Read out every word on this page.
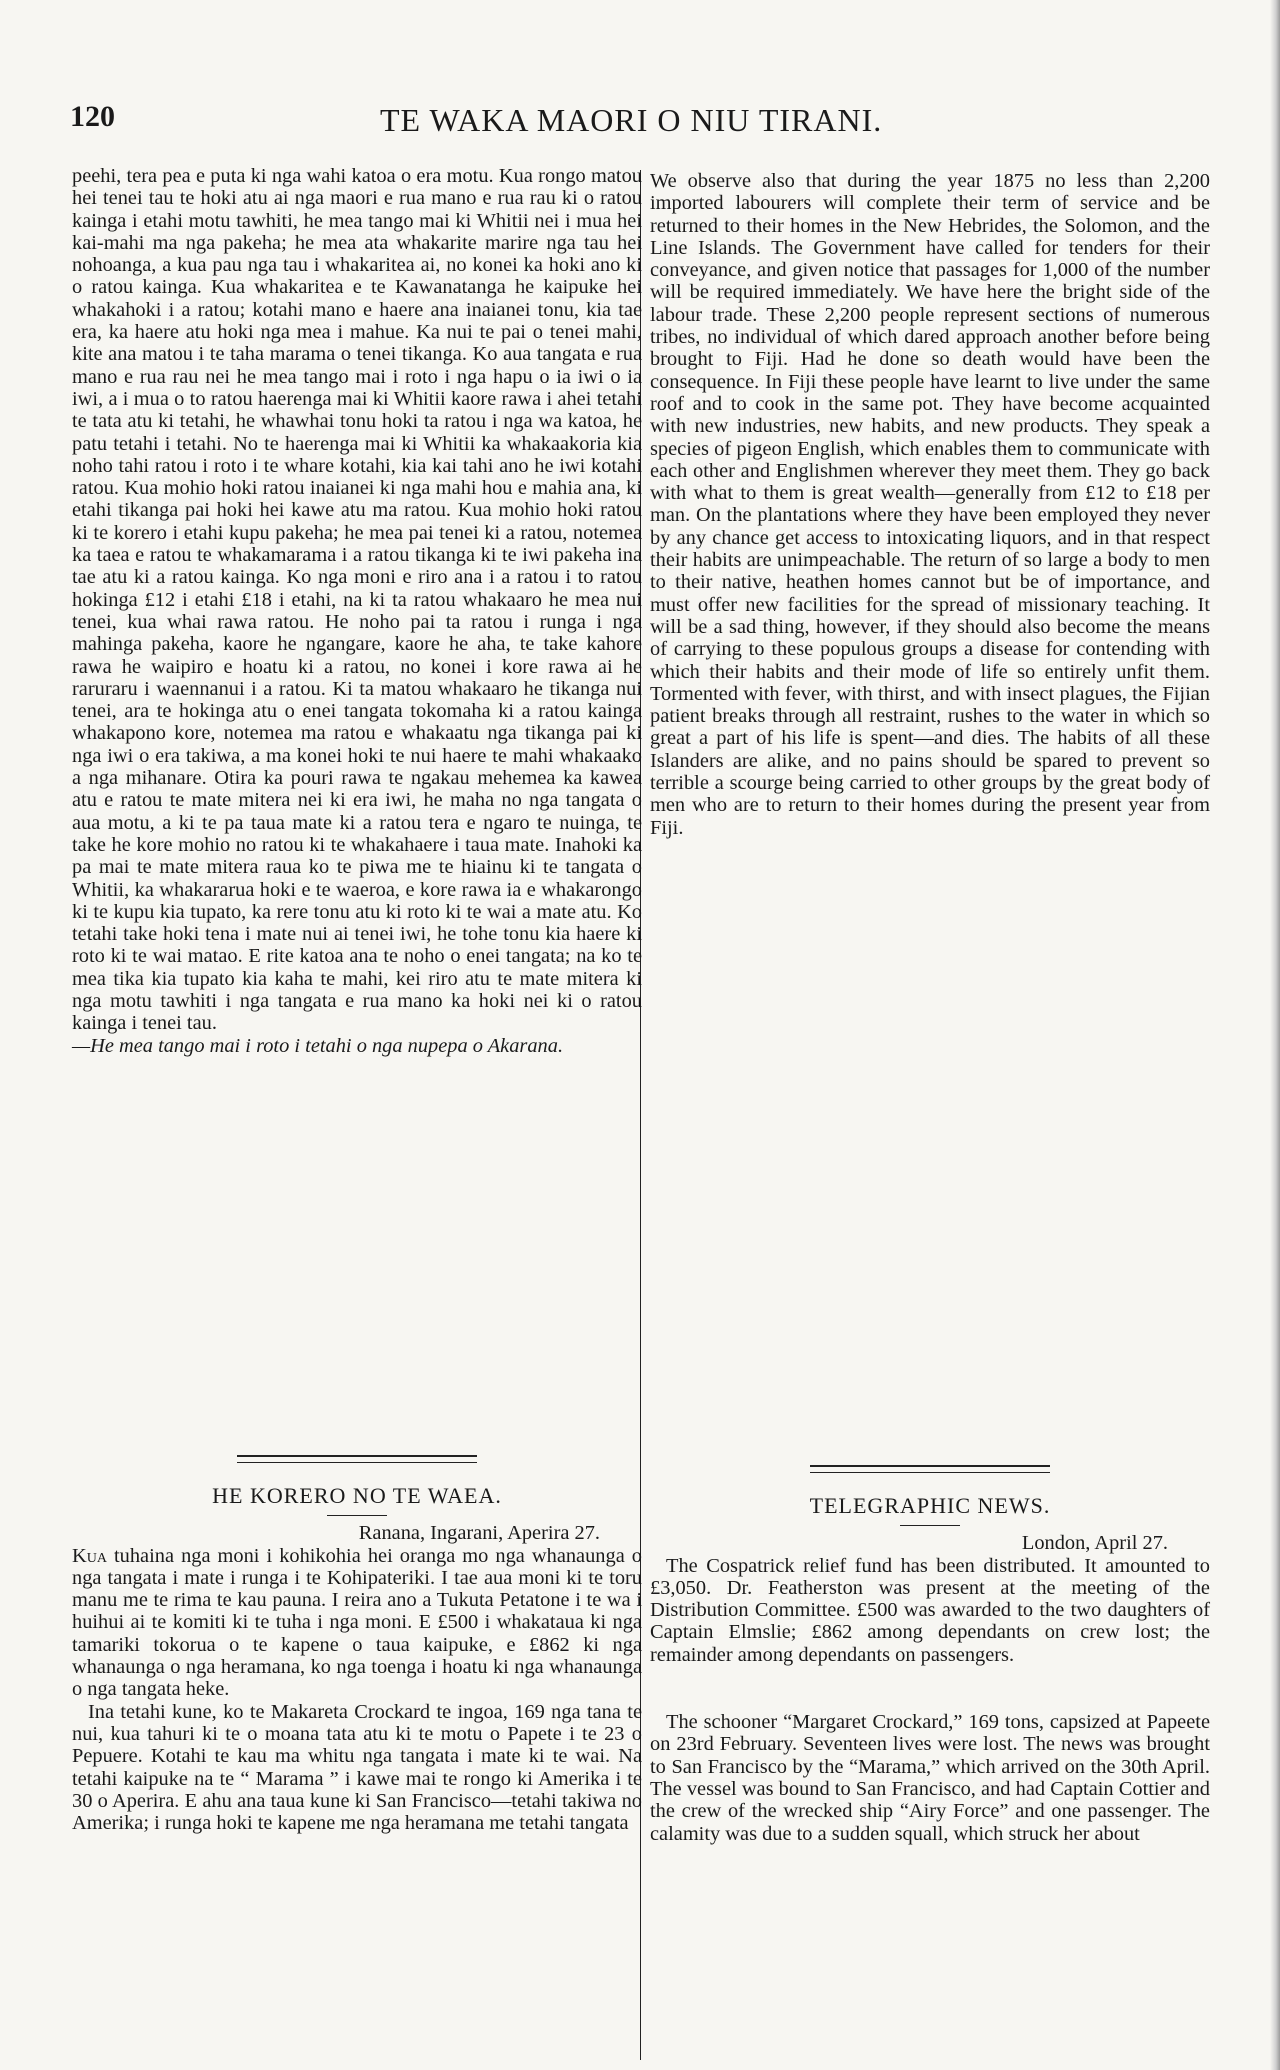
120	TE WAKA MAORI O NIU TIRANI.

peehi, tera pea e puta ki nga wahi katoa o era motu. Kua rongo matou hei tenei tau te hoki atu ai nga maori e rua mano e rua rau ki o ratou kainga i etahi motu tawhiti, he mea tango mai ki Whitii nei i mua hei kai-mahi ma nga pakeha; he mea ata whakarite marire nga tau hei nohoanga, a kua pau nga tau i whakaritea ai, no konei ka hoki ano ki o ratou kainga. Kua whakaritea e te Kawanatanga he kaipuke hei whakahoki i a ratou; kotahi mano e haere ana inaianei tonu, kia tae era, ka haere atu hoki nga mea i mahue. Ka nui te pai o tenei mahi, kite ana matou i te taha marama o tenei tikanga. Ko aua tangata e rua mano e rua rau nei he mea tango mai i roto i nga hapu o ia iwi o ia iwi, a i mua o to ratou haerenga mai ki Whitii kaore rawa i ahei tetahi te tata atu ki tetahi, he whawhai tonu hoki ta ratou i nga wa katoa, he patu tetahi i tetahi. No te haerenga mai ki Whitii ka whakaakoria kia noho tahi ratou i roto i te whare kotahi, kia kai tahi ano he iwi kotahi ratou. Kua mohio hoki ratou inaianei ki nga mahi hou e mahia ana, ki etahi tikanga pai hoki hei kawe atu ma ratou. Kua mohio hoki ratou ki te korero i etahi kupu pakeha; he mea pai tenei ki a ratou, notemea ka taea e ratou te whakamarama i a ratou tikanga ki te iwi pakeha ina tae atu ki a ratou kainga. Ko nga moni e riro ana i a ratou i to ratou hokinga £12 i etahi £18 i etahi, na ki ta ratou whakaaro he mea nui tenei, kua whai rawa ratou. He noho pai ta ratou i runga i nga mahinga pakeha, kaore he ngangare, kaore he aha, te take kahore rawa he waipiro e hoatu ki a ratou, no konei i kore rawa ai he raruraru i waennanui i a ratou. Ki ta matou whakaaro he tikanga nui tenei, ara te hokinga atu o enei tangata tokomaha ki a ratou kainga whakapono kore, notemea ma ratou e whakaatu nga tikanga pai ki nga iwi o era takiwa, a ma konei hoki te nui haere te mahi whakaako a nga mihanare. Otira ka pouri rawa te ngakau mehemea ka kawea atu e ratou te mate mitera nei ki era iwi, he maha no nga tangata o aua motu, a ki te pa taua mate ki a ratou tera e ngaro te nuinga, te take he kore mohio no ratou ki te whakahaere i taua mate. Inahoki ka pa mai te mate mitera raua ko te piwa me te hiainu ki te tangata o Whitii, ka whakararua hoki e te waeroa, e kore rawa ia e whakarongo ki te kupu kia tupato, ka rere tonu atu ki roto ki te wai a mate atu. Ko tetahi take hoki tena i mate nui ai tenei iwi, he tohe tonu kia haere ki roto ki te wai matao. E rite katoa ana te noho o enei tangata; na ko te mea tika kia tupato kia kaha te mahi, kei riro atu te mate mitera ki nga motu tawhiti i nga tangata e rua mano ka hoki nei ki o ratou kainga i tenei tau.

—He mea tango mai i roto i tetahi o nga nupepa o Akarana.

We observe also that during the year 1875 no less than 2,200 imported labourers will complete their term of service and be returned to their homes in the New Hebrides, the Solomon, and the Line Islands. The Government have called for tenders for their conveyance, and given notice that passages for 1,000 of the number will be required immediately. We have here the bright side of the labour trade. These 2,200 people represent sections of numerous tribes, no individual of which dared approach another before being brought to Fiji. Had he done so death would have been the consequence. In Fiji these people have learnt to live under the same roof and to cook in the same pot. They have become acquainted with new industries, new habits, and new products. They speak a species of pigeon English, which enables them to communicate with each other and Englishmen wherever they meet them. They go back with what to them is great wealth—generally from £12 to £18 per man. On the plantations where they have been employed they never by any chance get access to intoxicating liquors, and in that respect their habits are unimpeachable. The return of so large a body to men to their native, heathen homes cannot but be of importance, and must offer new facilities for the spread of missionary teaching. It will be a sad thing, however, if they should also become the means of carrying to these populous groups a disease for contending with which their habits and their mode of life so entirely unfit them. Tormented with fever, with thirst, and with insect plagues, the Fijian patient breaks through all restraint, rushes to the water in which so great a part of his life is spent—and dies. The habits of all these Islanders are alike, and no pains should be spared to prevent so terrible a scourge being carried to other groups by the great body of men who are to return to their homes during the present year from Fiji.

HE KORERO NO TE WAEA.
Ranana, Ingarani, Aperira 27.

Kua tuhaina nga moni i kohikohia hei oranga mo nga whanaunga o nga tangata i mate i runga i te Kohipateriki. I tae aua moni ki te toru manu me te rima te kau pauna. I reira ano a Tukuta Petatone i te wa i huihui ai te komiti ki te tuha i nga moni. E £500 i whakataua ki nga tamariki tokorua o te kapene o taua kaipuke, e £862 ki nga whanaunga o nga heramana, ko nga toenga i hoatu ki nga whanaunga o nga tangata heke.

Ina tetahi kune, ko te Makareta Crockard te ingoa, 169 nga tana te nui, kua tahuri ki te o moana tata atu ki te motu o Papete i te 23 o Pepuere. Kotahi te kau ma whitu nga tangata i mate ki te wai. Na tetahi kaipuke na te “ Marama ” i kawe mai te rongo ki Amerika i te 30 o Aperira. E ahu ana taua kune ki San Francisco—tetahi takiwa no Amerika; i runga hoki te kapene me nga heramana me tetahi tangata

TELEGRAPHIC NEWS.
London, April 27.

The Cospatrick relief fund has been distributed. It amounted to £3,050. Dr. Featherston was present at the meeting of the Distribution Committee. £500 was awarded to the two daughters of Captain Elmslie; £862 among dependants on crew lost; the remainder among dependants on passengers.

The schooner “Margaret Crockard,” 169 tons, capsized at Papeete on 23rd February. Seventeen lives were lost. The news was brought to San Francisco by the “Marama,” which arrived on the 30th April. The vessel was bound to San Francisco, and had Captain Cottier and the crew of the wrecked ship “Airy Force” and one passenger. The calamity was due to a sudden squall, which struck her about
